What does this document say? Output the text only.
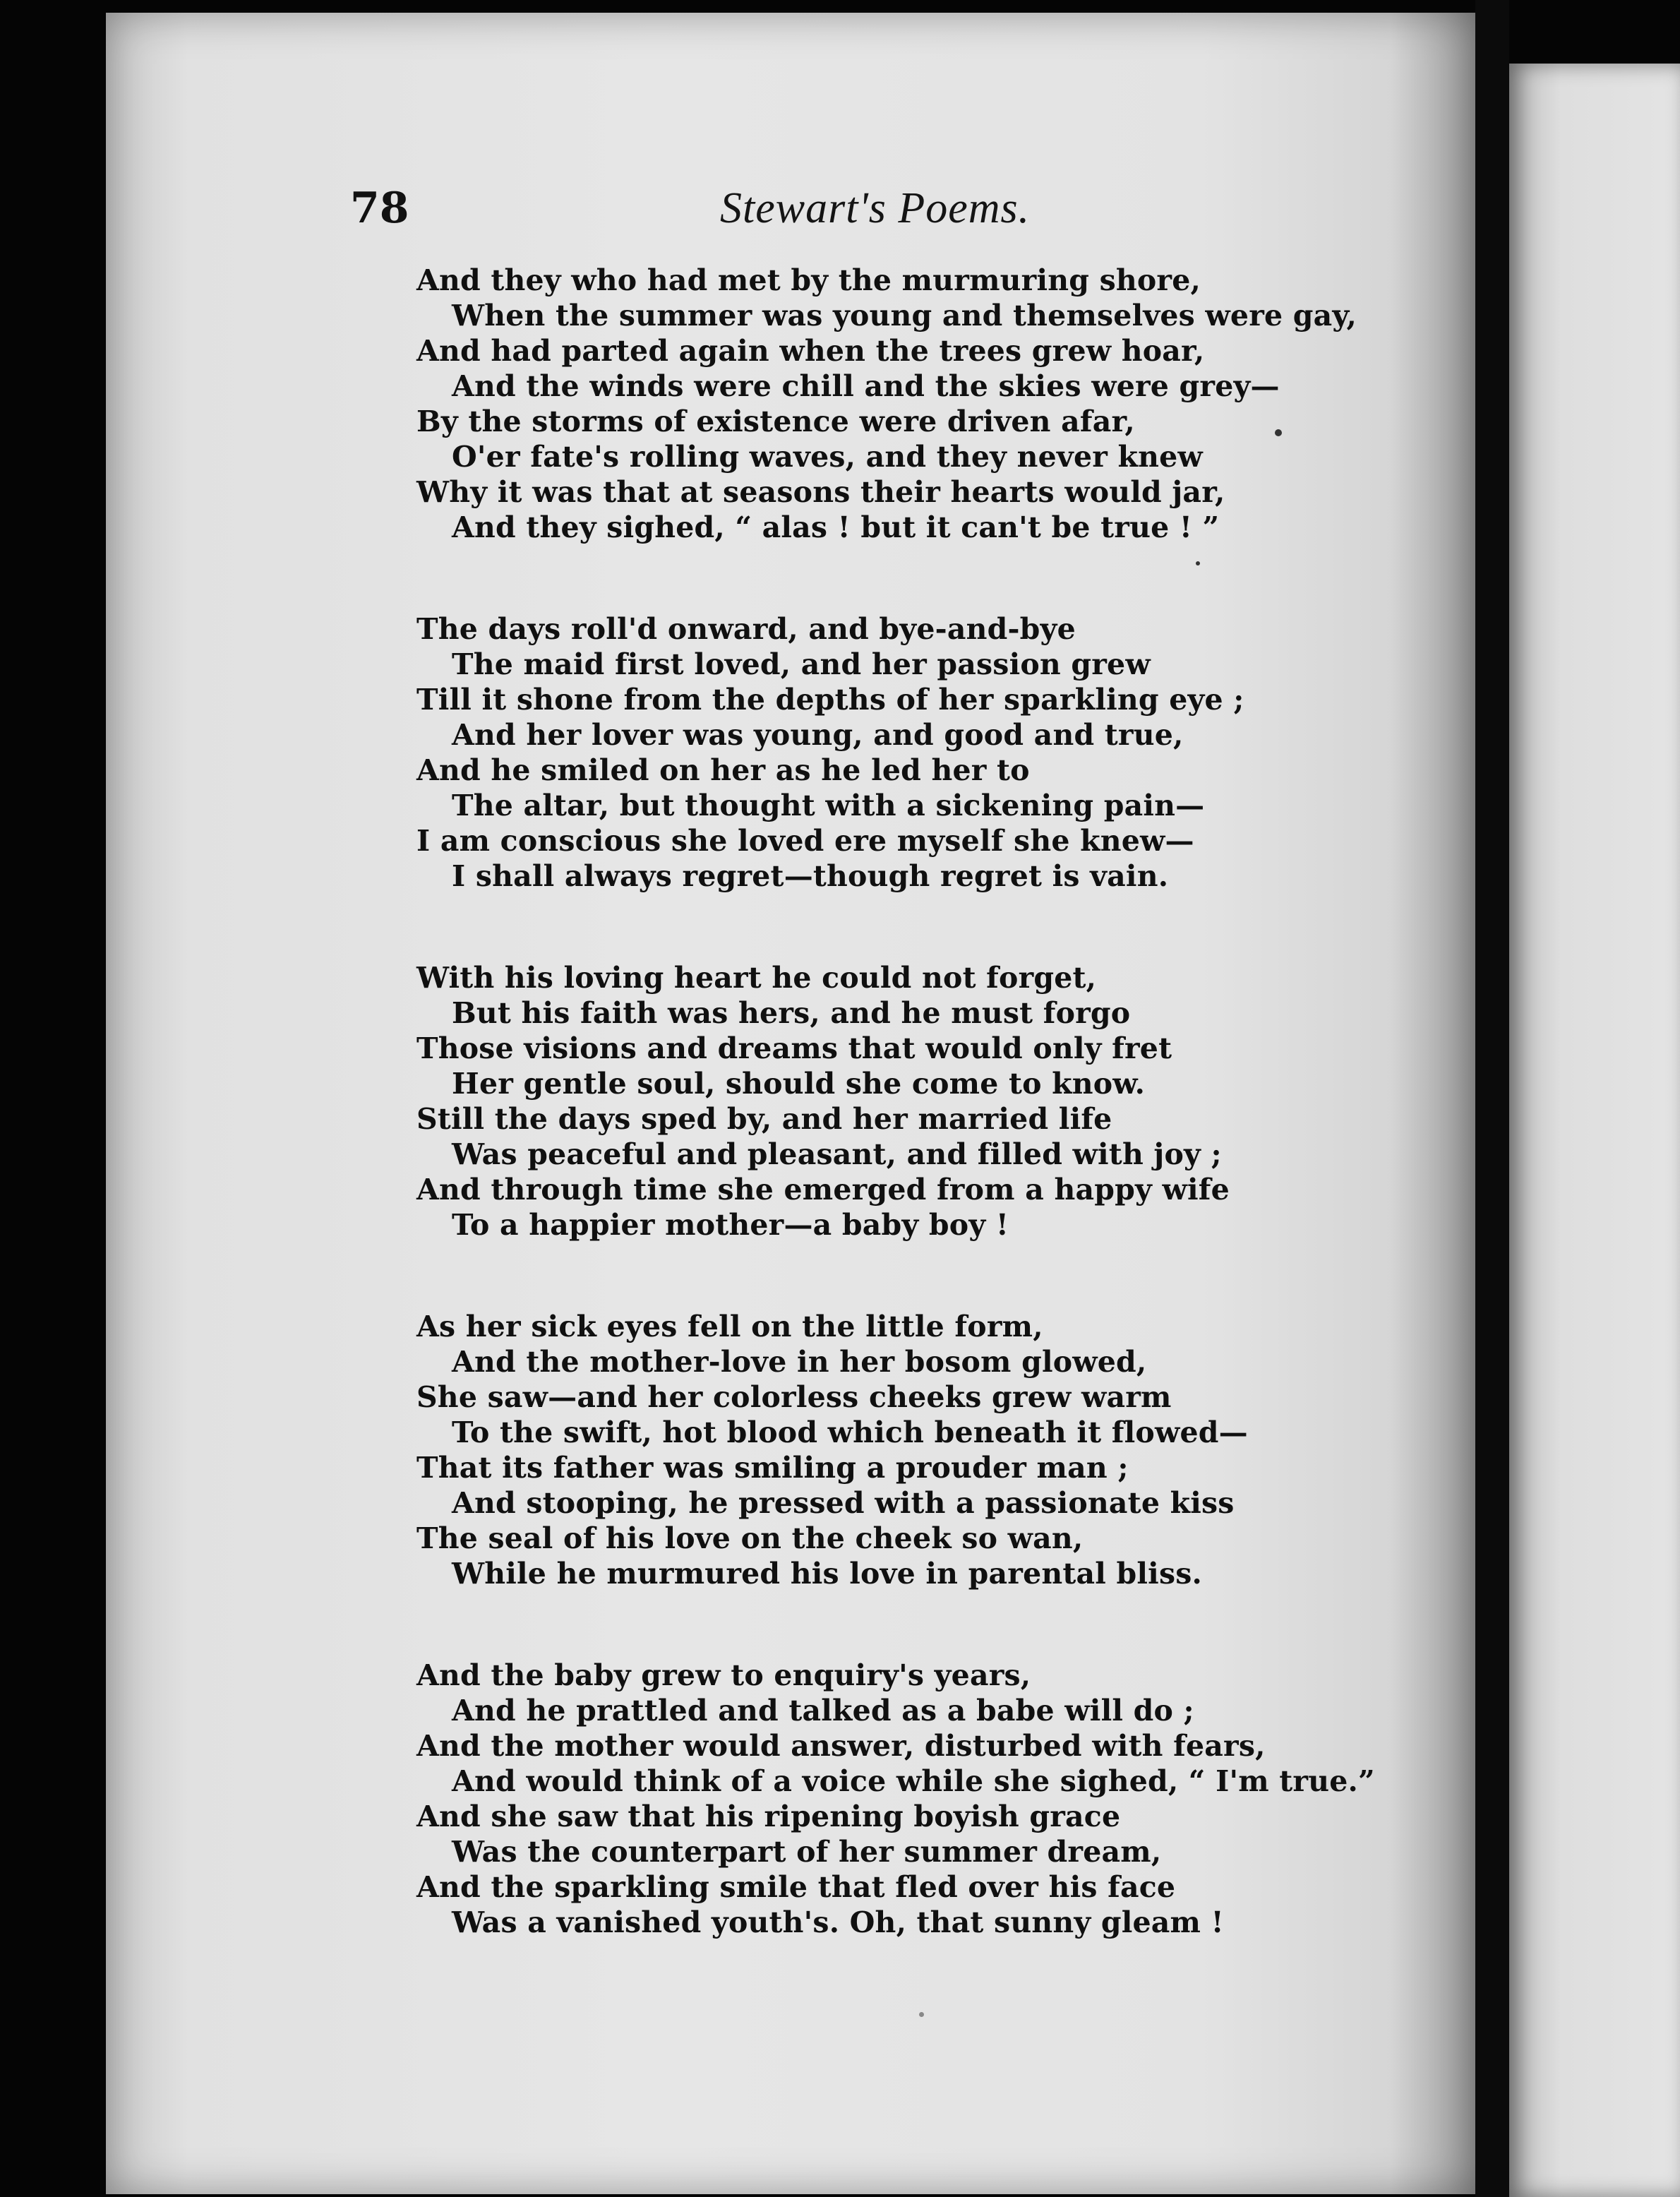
78	Stewart's Poems.
And they who had met by the murmuring shore,
When the summer was young and themselves were gay,
And had parted again when the trees grew hoar,
And the winds were chill and the skies were grey—
By the storms of existence were driven afar,
O'er fate's rolling waves, and they never knew
Why it was that at seasons their hearts would jar,
And they sighed, “ alas ! but it can't be true ! ”
The days roll'd onward, and bye-and-bye
The maid first loved, and her passion grew
Till it shone from the depths of her sparkling eye ;
And her lover was young, and good and true,
And he smiled on her as he led her to
The altar, but thought with a sickening pain—
I am conscious she loved ere myself she knew—
I shall always regret—though regret is vain.
With his loving heart he could not forget,
But his faith was hers, and he must forgo
Those visions and dreams that would only fret
Her gentle soul, should she come to know.
Still the days sped by, and her married life
Was peaceful and pleasant, and filled with joy ;
And through time she emerged from a happy wife
To a happier mother—a baby boy !
As her sick eyes fell on the little form,
And the mother-love in her bosom glowed,
She saw—and her colorless cheeks grew warm
To the swift, hot blood which beneath it flowed—
That its father was smiling a prouder man ;
And stooping, he pressed with a passionate kiss
The seal of his love on the cheek so wan,
While he murmured his love in parental bliss.
And the baby grew to enquiry's years,
And he prattled and talked as a babe will do ;
And the mother would answer, disturbed with fears,
And would think of a voice while she sighed, “ I'm true.”
And she saw that his ripening boyish grace
Was the counterpart of her summer dream,
And the sparkling smile that fled over his face
Was a vanished youth's. Oh, that sunny gleam !
